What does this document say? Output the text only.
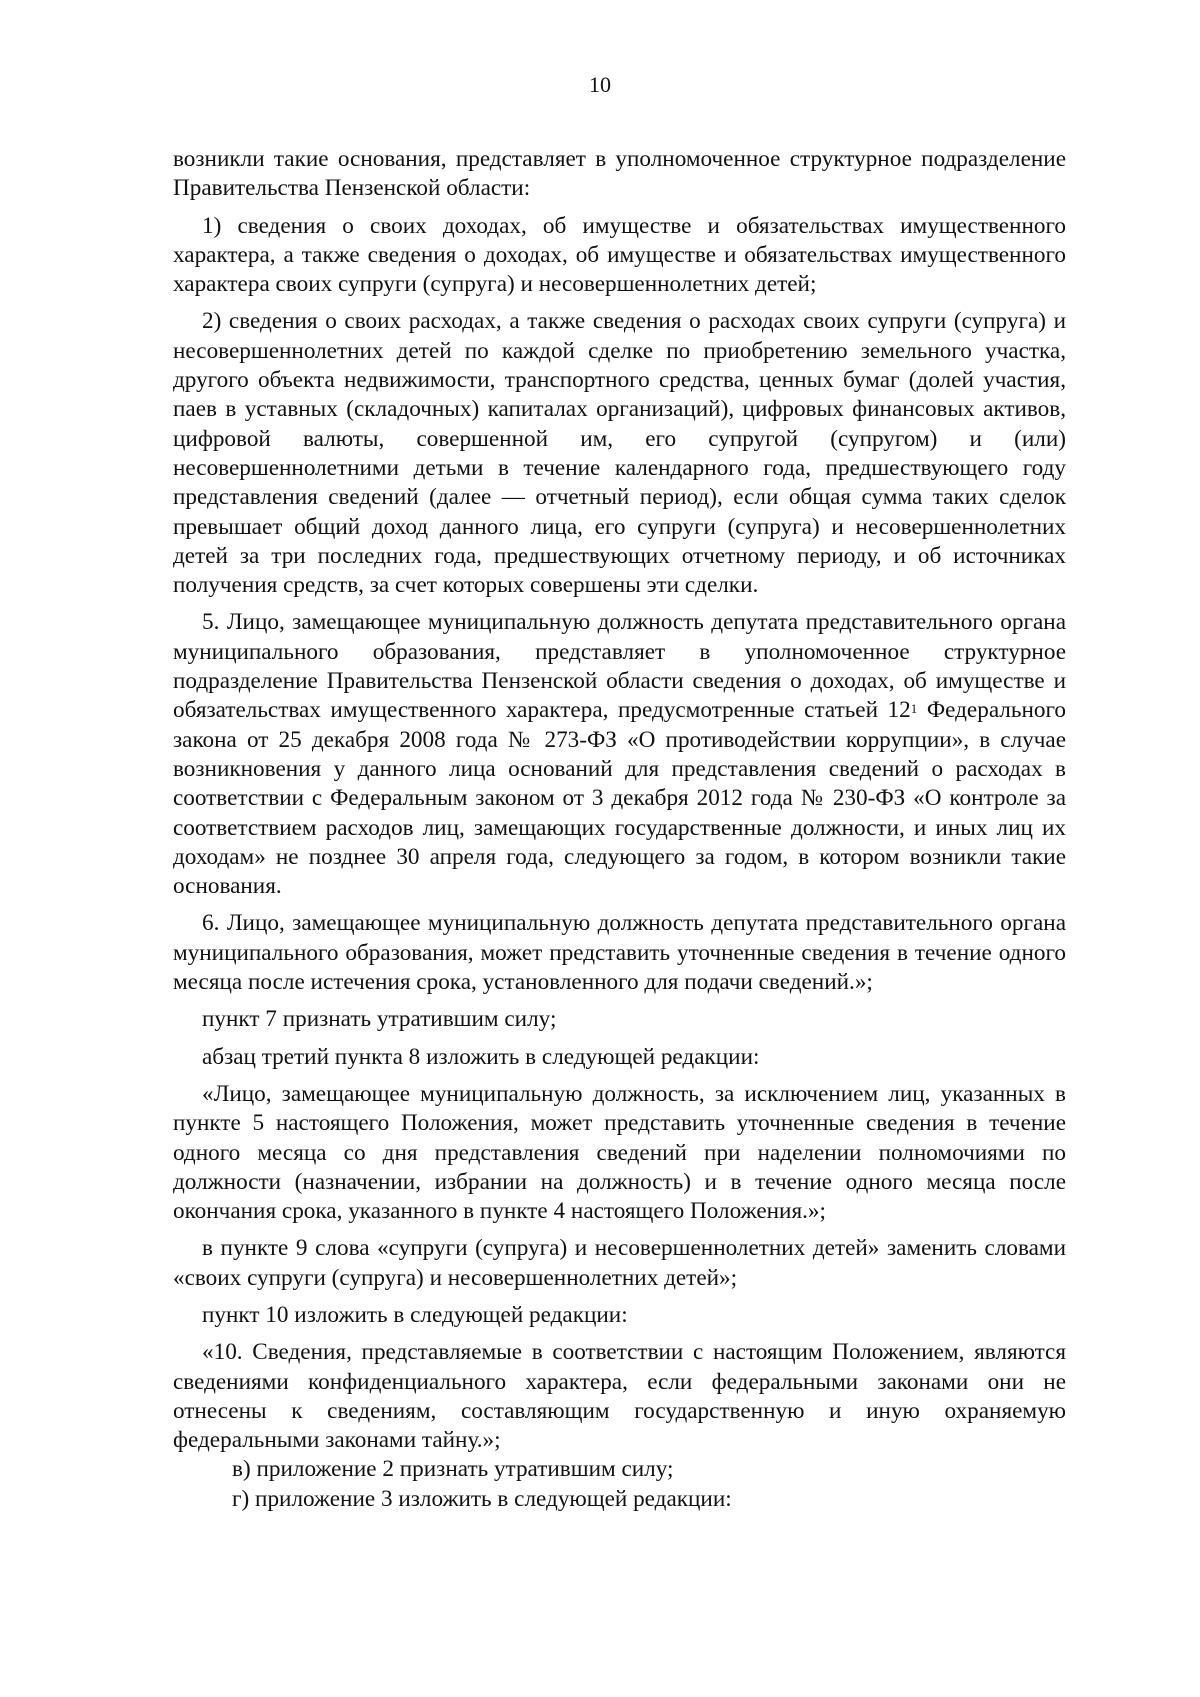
10

возникли такие основания, представляет в уполномоченное структурное подразделение Правительства Пензенской области:

1) сведения о своих доходах, об имуществе и обязательствах имущественного характера, а также сведения о доходах, об имуществе и обязательствах имущественного характера своих супруги (супруга) и несовершеннолетних детей;

2) сведения о своих расходах, а также сведения о расходах своих супруги (супруга) и несовершеннолетних детей по каждой сделке по приобретению земельного участка, другого объекта недвижимости, транспортного средства, ценных бумаг (долей участия, паев в уставных (складочных) капиталах организаций), цифровых финансовых активов, цифровой валюты, совершенной им, его супругой (супругом) и (или) несовершеннолетними детьми в течение календарного года, предшествующего году представления сведений (далее — отчетный период), если общая сумма таких сделок превышает общий доход данного лица, его супруги (супруга) и несовершеннолетних детей за три последних года, предшествующих отчетному периоду, и об источниках получения средств, за счет которых совершены эти сделки.

5. Лицо, замещающее муниципальную должность депутата представительного органа муниципального образования, представляет в уполномоченное структурное подразделение Правительства Пензенской области сведения о доходах, об имуществе и обязательствах имущественного характера, предусмотренные статьей $12^1$ Федерального закона от 25 декабря 2008 года № 273-ФЗ «О противодействии коррупции», в случае возникновения у данного лица оснований для представления сведений о расходах в соответствии с Федеральным законом от 3 декабря 2012 года № 230-ФЗ «О контроле за соответствием расходов лиц, замещающих государственные должности, и иных лиц их доходам» не позднее 30 апреля года, следующего за годом, в котором возникли такие основания.

6. Лицо, замещающее муниципальную должность депутата представительного органа муниципального образования, может представить уточненные сведения в течение одного месяца после истечения срока, установленного для подачи сведений.»;

пункт 7 признать утратившим силу;

абзац третий пункта 8 изложить в следующей редакции:

«Лицо, замещающее муниципальную должность, за исключением лиц, указанных в пункте 5 настоящего Положения, может представить уточненные сведения в течение одного месяца со дня представления сведений при наделении полномочиями по должности (назначении, избрании на должность) и в течение одного месяца после окончания срока, указанного в пункте 4 настоящего Положения.»;

в пункте 9 слова «супруги (супруга) и несовершеннолетних детей» заменить словами «своих супруги (супруга) и несовершеннолетних детей»;

пункт 10 изложить в следующей редакции:

«10. Сведения, представляемые в соответствии с настоящим Положением, являются сведениями конфиденциального характера, если федеральными законами они не отнесены к сведениям, составляющим государственную и иную охраняемую федеральными законами тайну.»;

в) приложение 2 признать утратившим силу;

г) приложение 3 изложить в следующей редакции:
